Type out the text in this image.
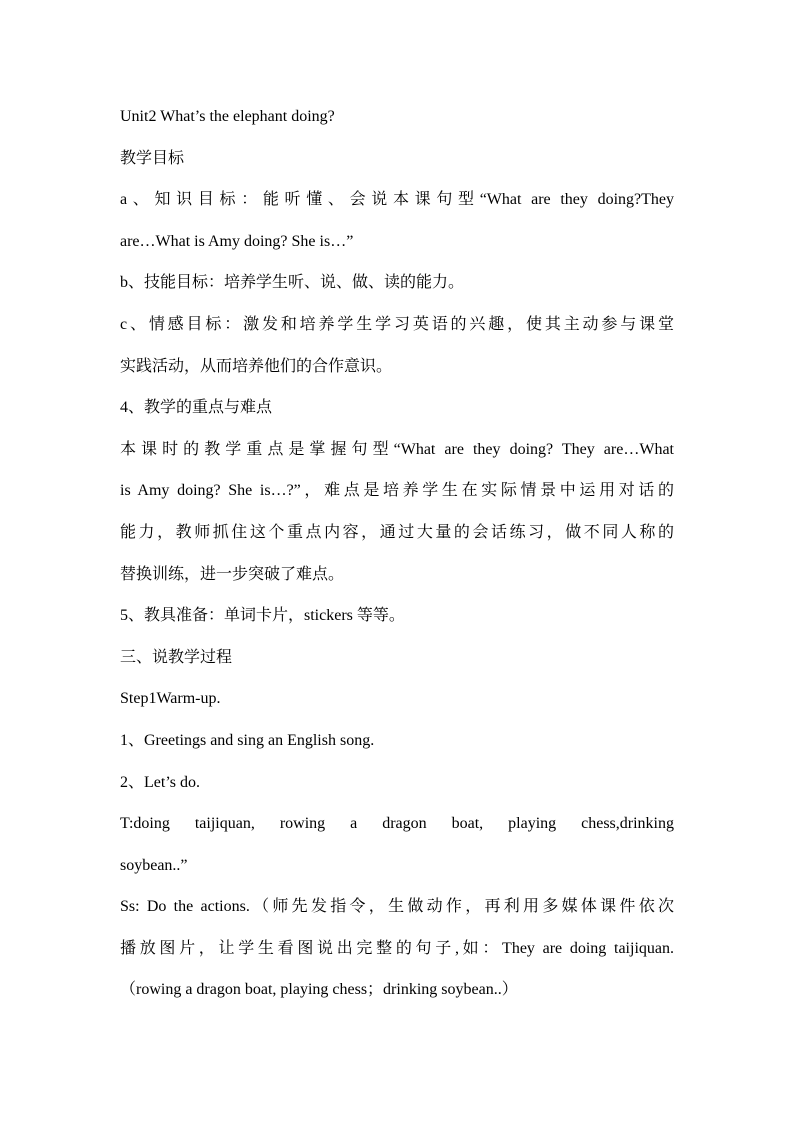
Unit2 What’s the elephant doing?
教学目标
a、知识目标：能听懂、会说本课句型“What are they doing?They
are…What is Amy doing? She is…”
b、技能目标：培养学生听、说、做、读的能力。
c、情感目标：激发和培养学生学习英语的兴趣，使其主动参与课堂
实践活动，从而培养他们的合作意识。
4、教学的重点与难点
本课时的教学重点是掌握句型“What are they doing? They are…What
is Amy doing? She is…?”，难点是培养学生在实际情景中运用对话的
能力，教师抓住这个重点内容，通过大量的会话练习，做不同人称的
替换训练，进一步突破了难点。
5、教具准备：单词卡片，stickers 等等。
三、说教学过程
Step1Warm-up.
1、Greetings and sing an English song.
2、Let’s do.
T:doing taijiquan, rowing a dragon boat, playing chess,drinking
soybean..”
Ss: Do the actions.（师先发指令，生做动作，再利用多媒体课件依次
播放图片，让学生看图说出完整的句子,如：They are doing taijiquan.
（rowing a dragon boat, playing chess；drinking soybean..）
